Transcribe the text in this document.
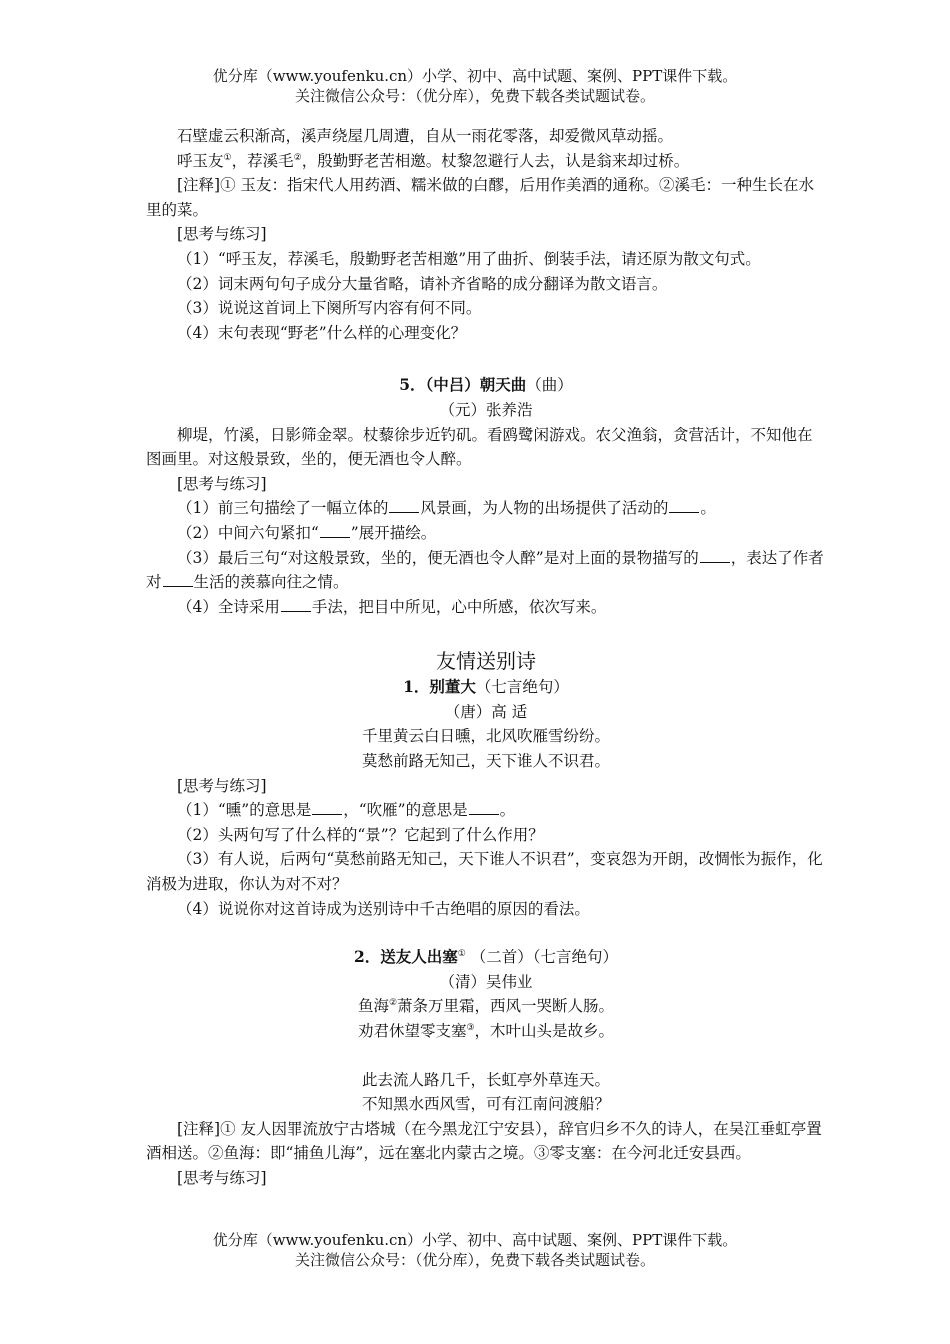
优分库（www.youfenku.cn）小学、初中、高中试题、案例、PPT课件下载。

关注微信公众号：（优分库），免费下载各类试题试卷。

石壁虚云积渐高，溪声绕屋几周遭，自从一雨花零落，却爱微风草动摇。

呼玉友①，荐溪毛②，殷勤野老苦相邀。杖黎忽避行人去，认是翁来却过桥。

[注释]① 玉友：指宋代人用药酒、糯米做的白醪，后用作美酒的通称。②溪毛：一种生长在水里的菜。

[思考与练习]

（1）“呼玉友，荐溪毛，殷勤野老苦相邀”用了曲折、倒装手法，请还原为散文句式。

（2）词末两句句子成分大量省略，请补齐省略的成分翻译为散文语言。

（3）说说这首词上下阕所写内容有何不同。

（4）末句表现“野老”什么样的心理变化？

5．（中吕）朝天曲（曲）

（元）张养浩

柳堤，竹溪，日影筛金翠。杖藜徐步近钓矶。看鸥鹭闲游戏。农父渔翁，贪营活计，不知他在图画里。对这般景致，坐的，便无酒也令人醉。

[思考与练习]

（1）前三句描绘了一幅立体的 风景画，为人物的出场提供了活动的 。

（2）中间六句紧扣“ ”展开描绘。

（3）最后三句“对这般景致，坐的，便无酒也令人醉”是对上面的景物描写的 ，表达了作者对 生活的羡慕向往之情。

（4）全诗采用 手法，把目中所见，心中所感，依次写来。

友情送别诗

1．别董大（七言绝句）

（唐）高 适

千里黄云白日曛，北风吹雁雪纷纷。

莫愁前路无知己，天下谁人不识君。

[思考与练习]

（1）“曛”的意思是 ，“吹雁”的意思是 。

（2）头两句写了什么样的“景”？它起到了什么作用？

（3）有人说，后两句“莫愁前路无知己，天下谁人不识君”，变哀怨为开朗，改惆怅为振作，化消极为进取，你认为对不对？

（4）说说你对这首诗成为送别诗中千古绝唱的原因的看法。

2．送友人出塞① （二首）（七言绝句）

（清）吴伟业

鱼海②萧条万里霜，西风一哭断人肠。

劝君休望零支塞③，木叶山头是故乡。

此去流人路几千，长虹亭外草连天。

不知黑水西风雪，可有江南问渡船？

[注释]① 友人因罪流放宁古塔城（在今黑龙江宁安县），辞官归乡不久的诗人，在吴江垂虹亭置酒相送。②鱼海：即“捕鱼儿海”，远在塞北内蒙古之境。③零支塞：在今河北迁安县西。

[思考与练习]

优分库（www.youfenku.cn）小学、初中、高中试题、案例、PPT课件下载。

关注微信公众号：（优分库），免费下载各类试题试卷。
